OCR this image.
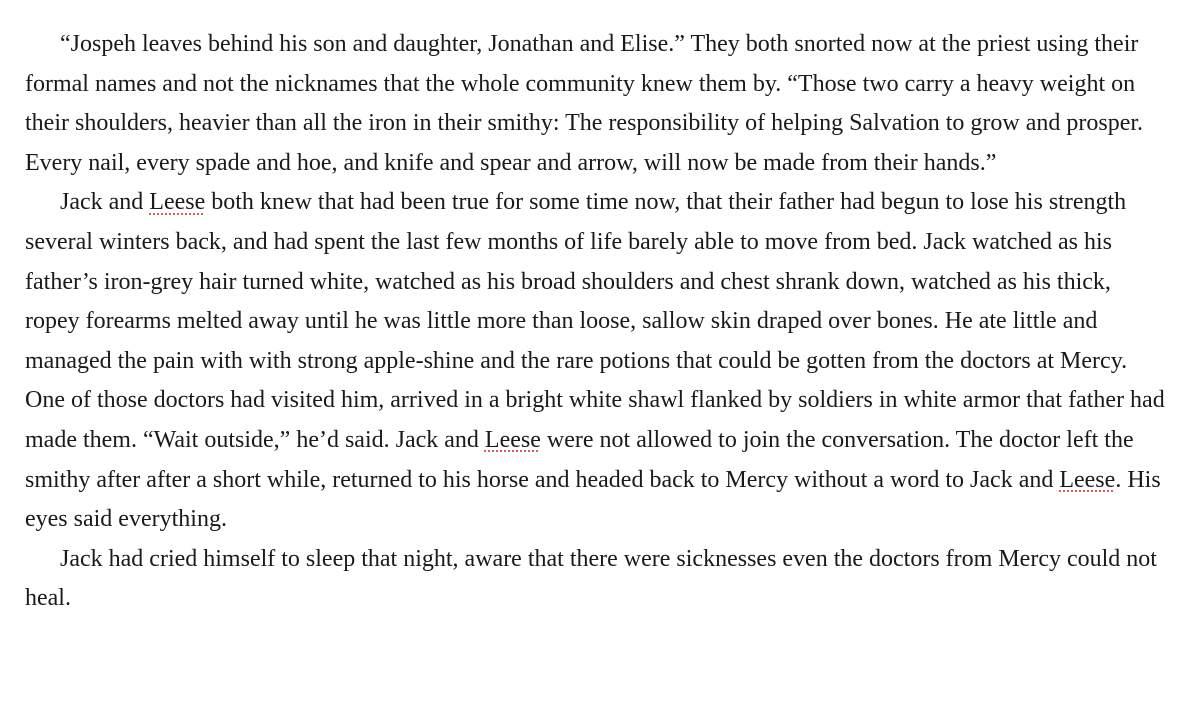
“Jospeh leaves behind his son and daughter, Jonathan and Elise.” They both snorted now at the priest using their formal names and not the nicknames that the whole community knew them by. “Those two carry a heavy weight on their shoulders, heavier than all the iron in their smithy: The responsibility of helping Salvation to grow and prosper. Every nail, every spade and hoe, and knife and spear and arrow, will now be made from their hands.”

Jack and Leese both knew that had been true for some time now, that their father had begun to lose his strength several winters back, and had spent the last few months of life barely able to move from bed. Jack watched as his father’s iron-grey hair turned white, watched as his broad shoulders and chest shrank down, watched as his thick, ropey forearms melted away until he was little more than loose, sallow skin draped over bones. He ate little and managed the pain with with strong apple-shine and the rare potions that could be gotten from the doctors at Mercy. One of those doctors had visited him, arrived in a bright white shawl flanked by soldiers in white armor that father had made them. “Wait outside,” he’d said. Jack and Leese were not allowed to join the conversation. The doctor left the smithy after after a short while, returned to his horse and headed back to Mercy without a word to Jack and Leese. His eyes said everything.

Jack had cried himself to sleep that night, aware that there were sicknesses even the doctors from Mercy could not heal.
